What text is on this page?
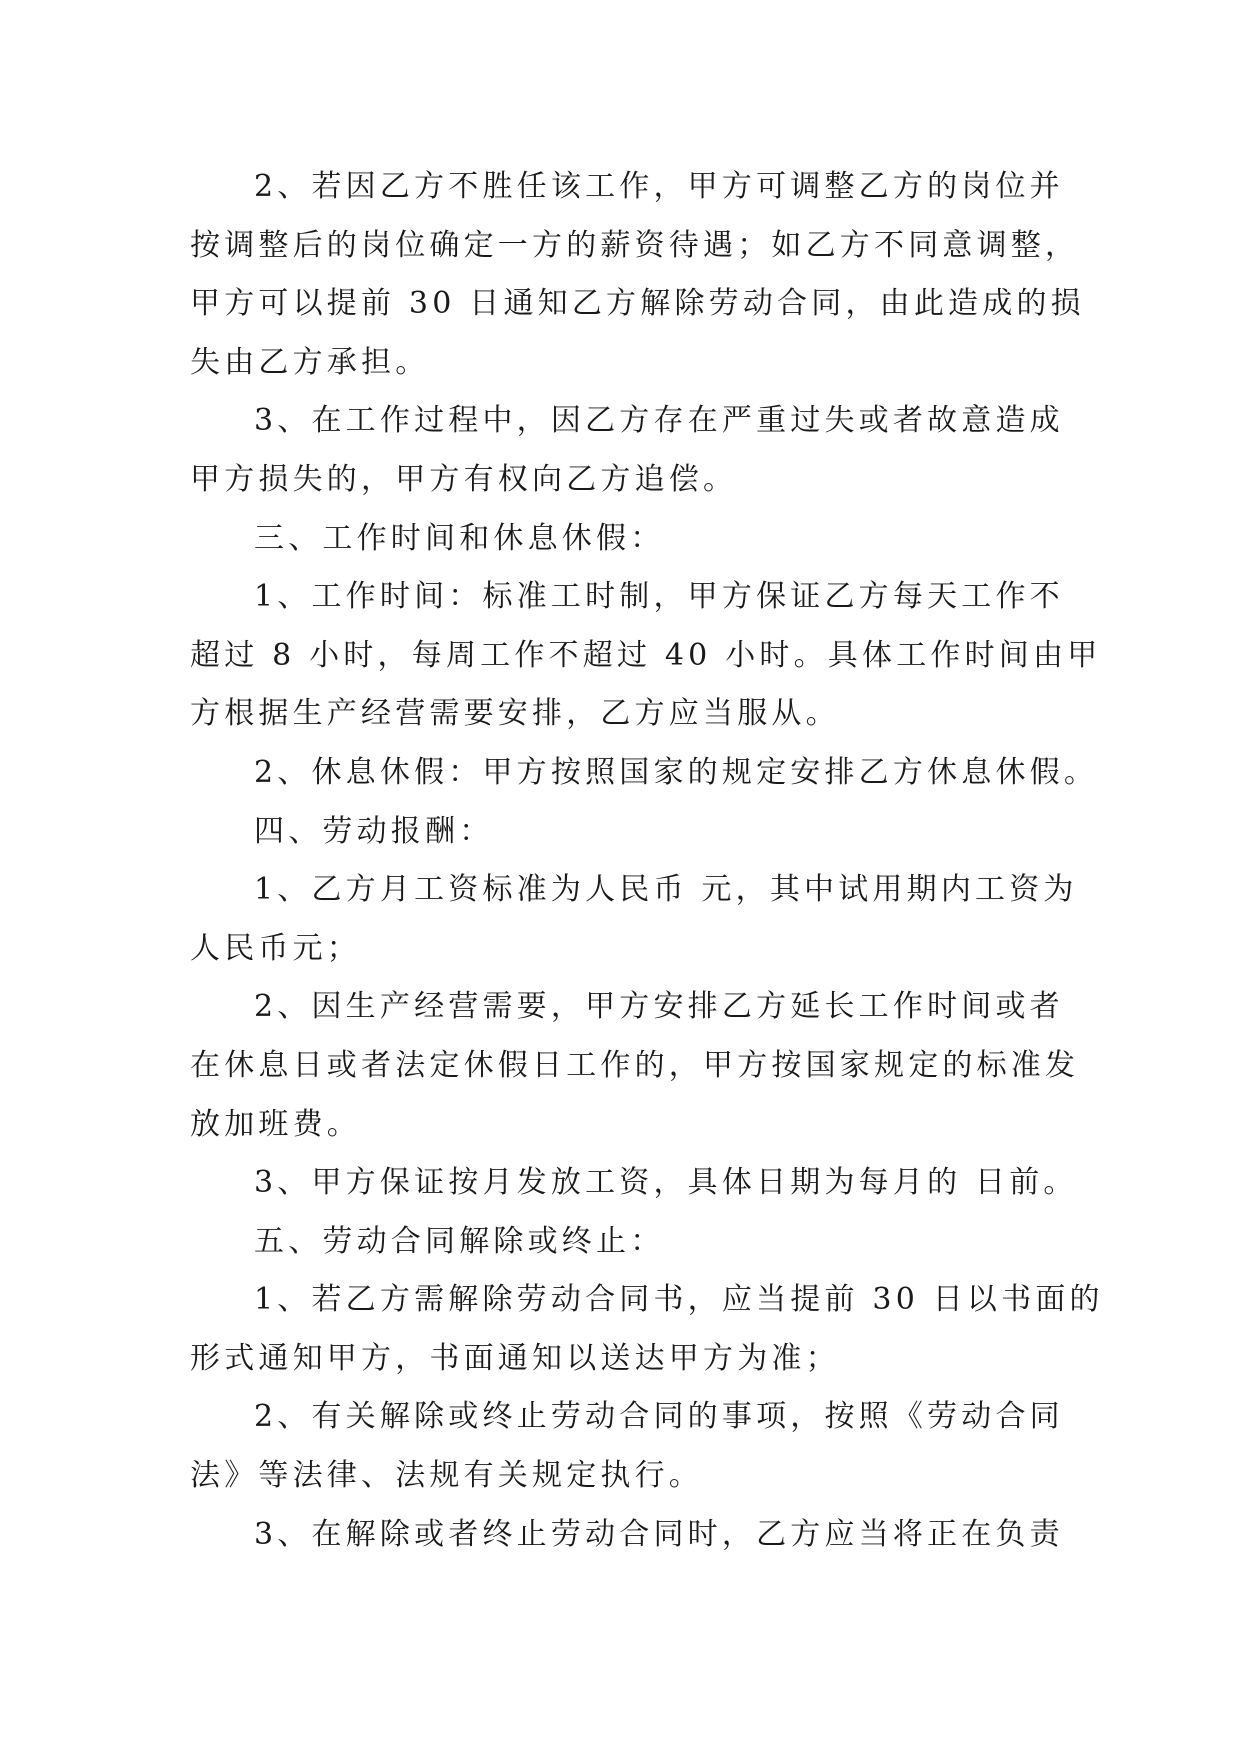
2、若因乙方不胜任该工作，甲方可调整乙方的岗位并
按调整后的岗位确定一方的薪资待遇；如乙方不同意调整，
甲方可以提前 30 日通知乙方解除劳动合同，由此造成的损
失由乙方承担。
3、在工作过程中，因乙方存在严重过失或者故意造成
甲方损失的，甲方有权向乙方追偿。
三、工作时间和休息休假：
1、工作时间：标准工时制，甲方保证乙方每天工作不
超过 8 小时，每周工作不超过 40 小时。具体工作时间由甲
方根据生产经营需要安排，乙方应当服从。
2、休息休假：甲方按照国家的规定安排乙方休息休假。
四、劳动报酬：
1、乙方月工资标准为人民币 元，其中试用期内工资为
人民币元；
2、因生产经营需要，甲方安排乙方延长工作时间或者
在休息日或者法定休假日工作的，甲方按国家规定的标准发
放加班费。
3、甲方保证按月发放工资，具体日期为每月的 日前。
五、劳动合同解除或终止：
1、若乙方需解除劳动合同书，应当提前 30 日以书面的
形式通知甲方，书面通知以送达甲方为准；
2、有关解除或终止劳动合同的事项，按照《劳动合同
法》等法律、法规有关规定执行。
3、在解除或者终止劳动合同时，乙方应当将正在负责
